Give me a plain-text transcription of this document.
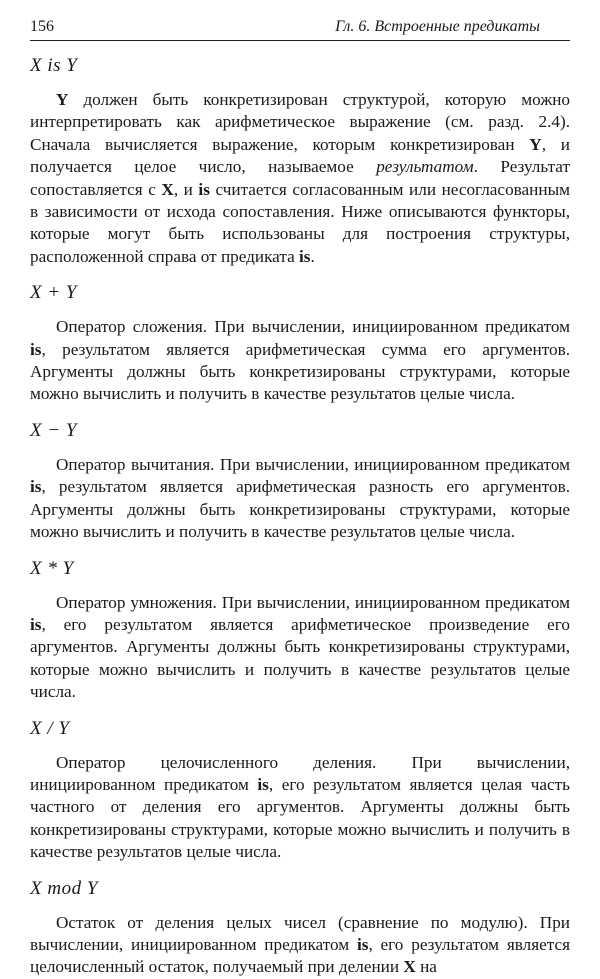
156	Гл. 6. Встроенные предикаты
X is Y

Y должен быть конкретизирован структурой, которую можно интерпретировать как арифметическое выражение (см. разд. 2.4). Сначала вычисляется выражение, которым конкретизирован Y, и получается целое число, называемое результатом. Результат сопоставляется с X, и is считается согласованным или несогласованным в зависимости от исхода сопоставления. Ниже описываются функторы, которые могут быть использованы для построения структуры, расположенной справа от предиката is.

X + Y

Оператор сложения. При вычислении, инициированном предикатом is, результатом является арифметическая сумма его аргументов. Аргументы должны быть конкретизированы структурами, которые можно вычислить и получить в качестве результатов целые числа.

X − Y

Оператор вычитания. При вычислении, инициированном предикатом is, результатом является арифметическая разность его аргументов. Аргументы должны быть конкретизированы структурами, которые можно вычислить и получить в качестве результатов целые числа.

X * Y

Оператор умножения. При вычислении, инициированном предикатом is, его результатом является арифметическое произведение его аргументов. Аргументы должны быть конкретизированы структурами, которые можно вычислить и получить в качестве результатов целые числа.

X / Y

Оператор целочисленного деления. При вычислении, инициированном предикатом is, его результатом является целая часть частного от деления его аргументов. Аргументы должны быть конкретизированы структурами, которые можно вычислить и получить в качестве результатов целые числа.

X mod Y

Остаток от деления целых чисел (сравнение по модулю). При вычислении, инициированном предикатом is, его результатом является целочисленный остаток, получаемый при делении X на
